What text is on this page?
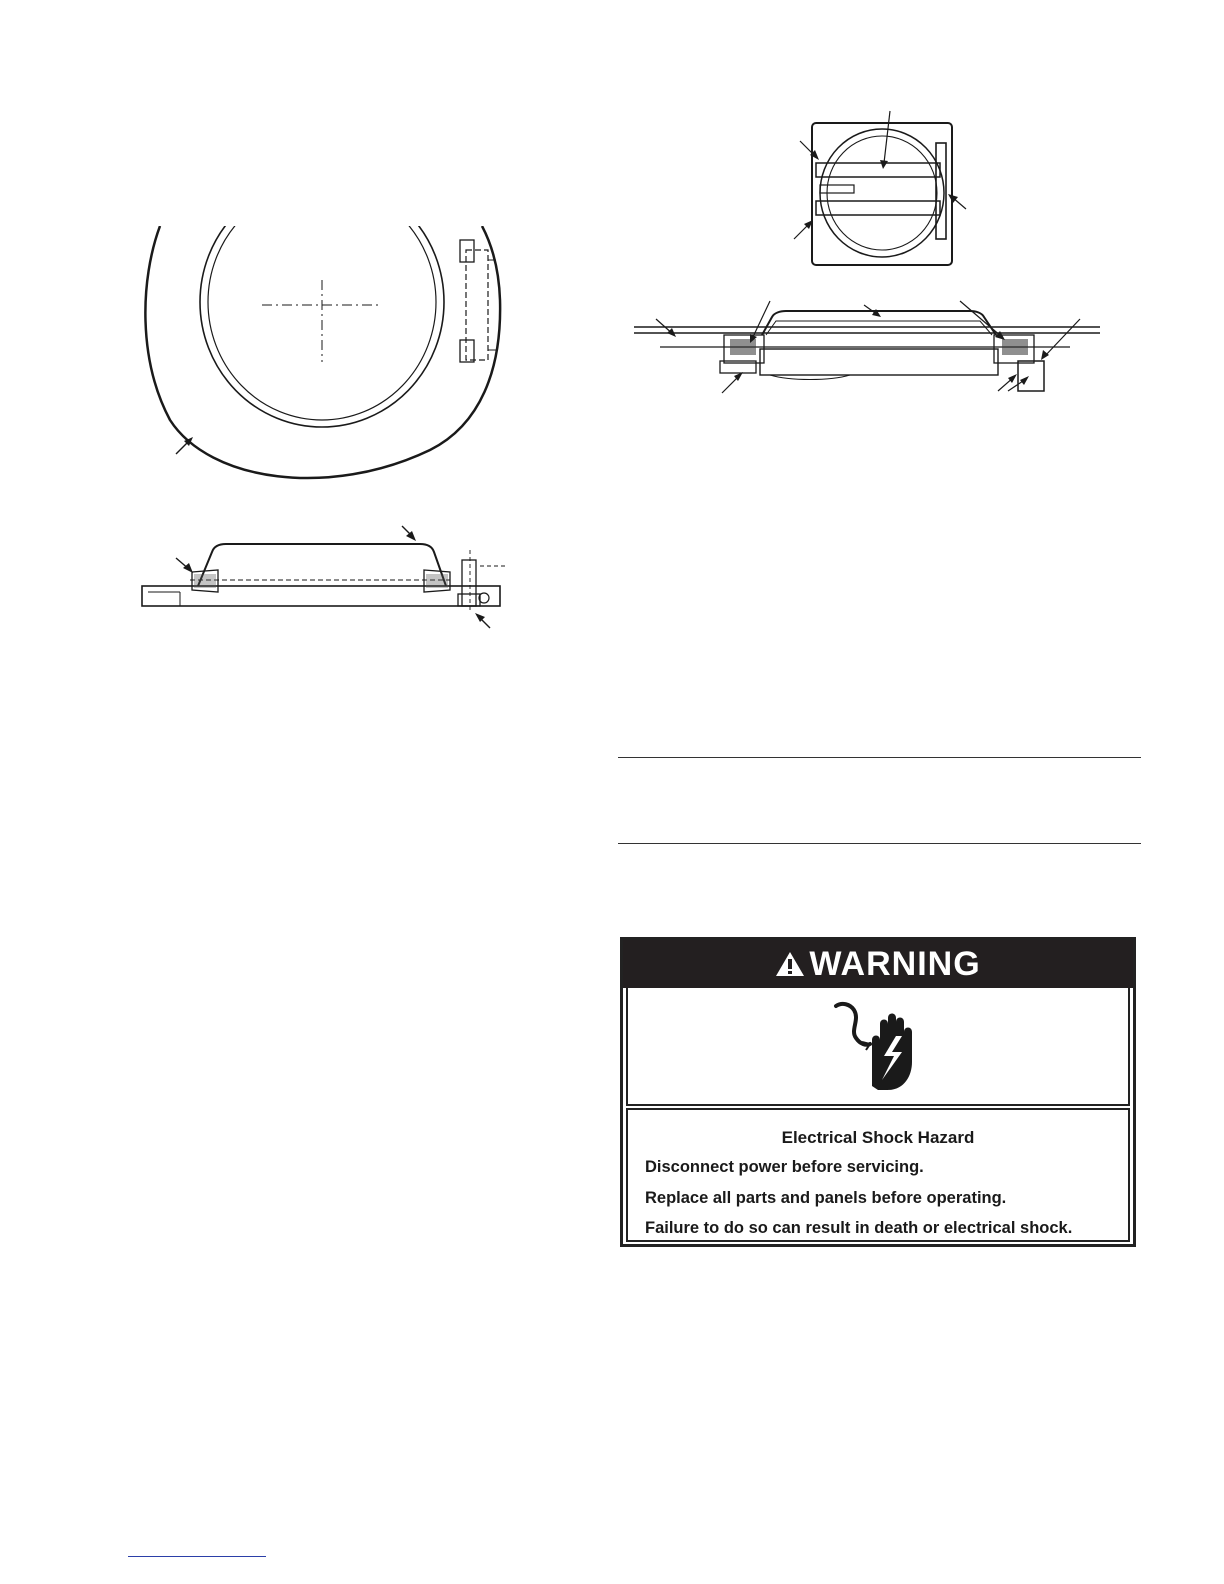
WARNING
Electrical Shock Hazard
Disconnect power before servicing.
Replace all parts and panels before operating.
Failure to do so can result in death or electrical shock.
